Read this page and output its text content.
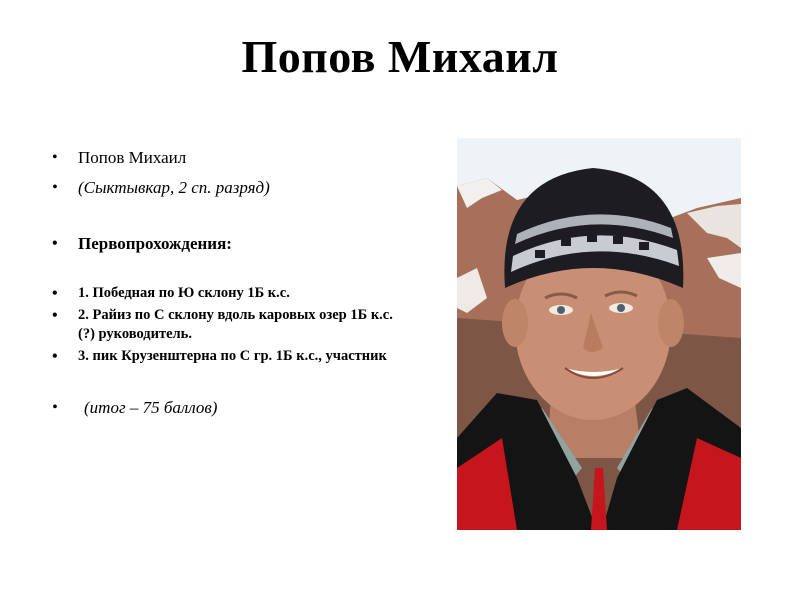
Попов Михаил
• Попов Михаил
• (Сыктывкар, 2 сп. разряд)
• Первопрохождения:
• 1. Победная по Ю склону 1Б к.с.
• 2. Райиз по С склону вдоль каровых озер 1Б к.с. (?) руководитель.
• 3. пик Крузенштерна по С гр. 1Б к.с., участник
• (итог – 75 баллов)
